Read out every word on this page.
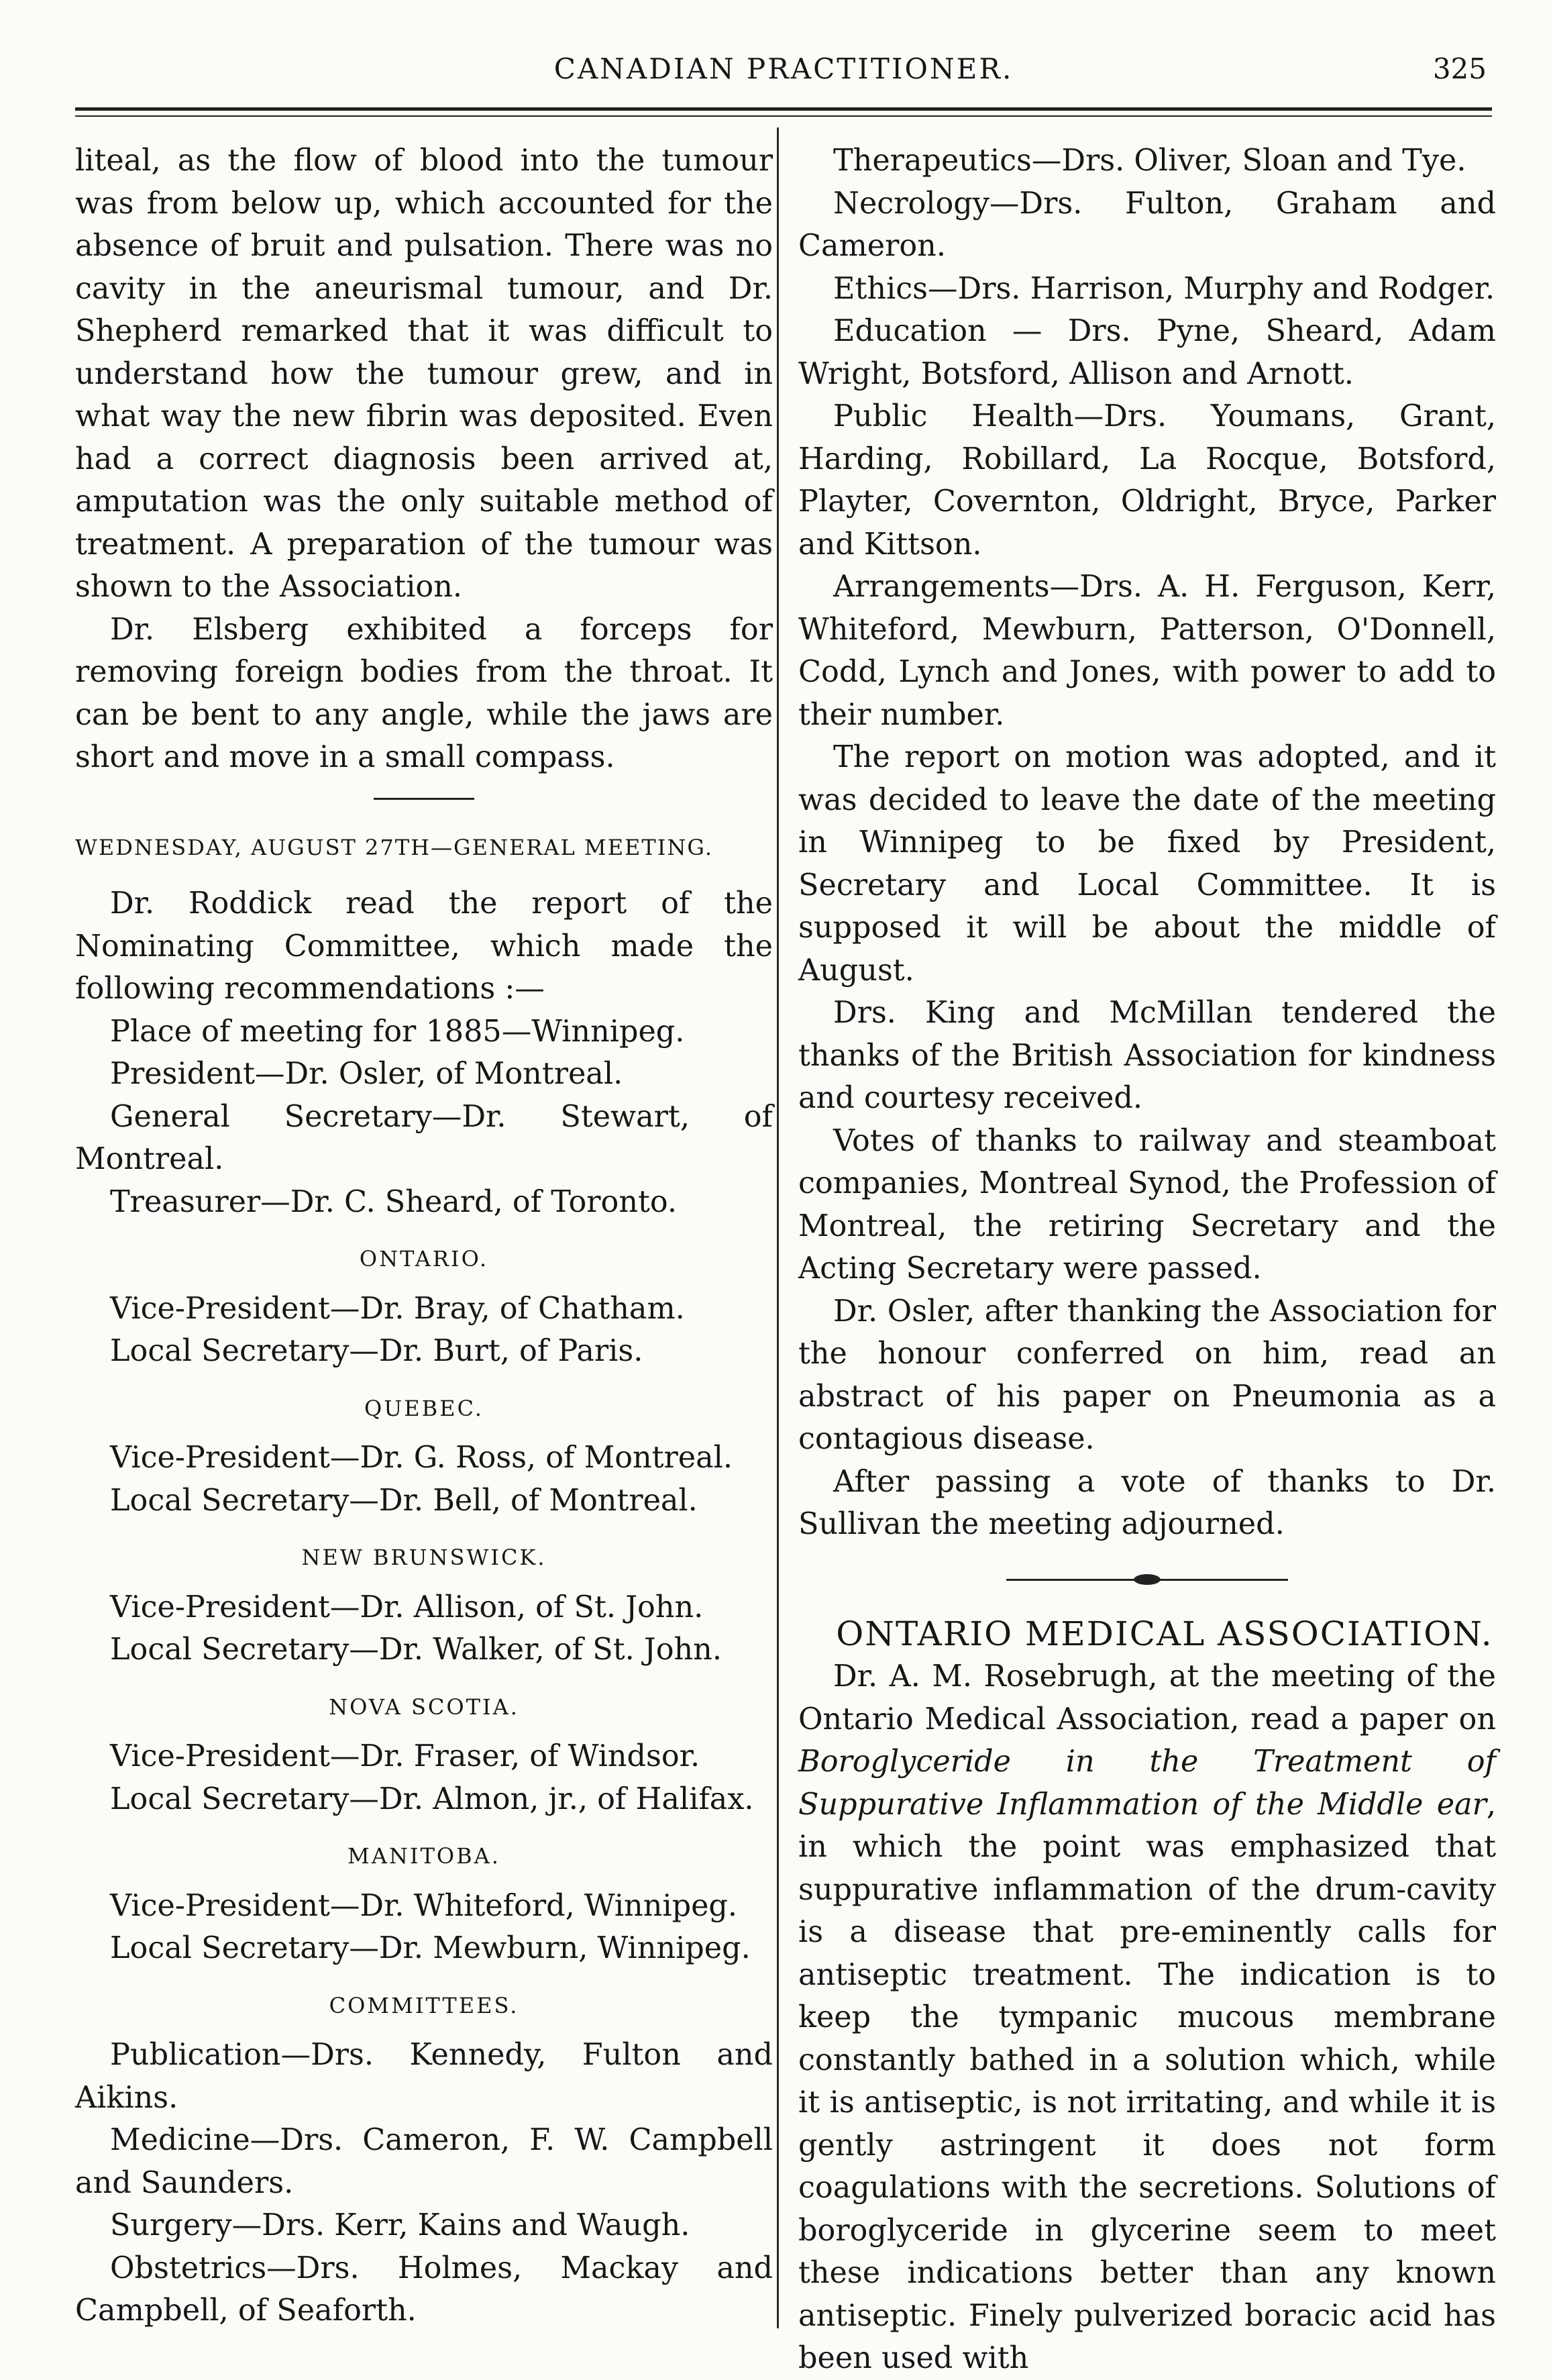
CANADIAN PRACTITIONER.	325

liteal, as the flow of blood into the tumour was from below up, which accounted for the absence of bruit and pulsation. There was no cavity in the aneurismal tumour, and Dr. Shepherd remarked that it was difficult to understand how the tumour grew, and in what way the new fibrin was deposited. Even had a correct diagnosis been arrived at, amputation was the only suitable method of treatment. A preparation of the tumour was shown to the Association.

Dr. Elsberg exhibited a forceps for removing foreign bodies from the throat. It can be bent to any angle, while the jaws are short and move in a small compass.

WEDNESDAY, AUGUST 27TH—GENERAL MEETING.

Dr. Roddick read the report of the Nominating Committee, which made the following recommendations :—

Place of meeting for 1885—Winnipeg.

President—Dr. Osler, of Montreal.

General Secretary—Dr. Stewart, of Montreal.

Treasurer—Dr. C. Sheard, of Toronto.

ONTARIO.

Vice-President—Dr. Bray, of Chatham.

Local Secretary—Dr. Burt, of Paris.

QUEBEC.

Vice-President—Dr. G. Ross, of Montreal.

Local Secretary—Dr. Bell, of Montreal.

NEW BRUNSWICK.

Vice-President—Dr. Allison, of St. John.

Local Secretary—Dr. Walker, of St. John.

NOVA SCOTIA.

Vice-President—Dr. Fraser, of Windsor.

Local Secretary—Dr. Almon, jr., of Halifax.

MANITOBA.

Vice-President—Dr. Whiteford, Winnipeg.

Local Secretary—Dr. Mewburn, Winnipeg.

COMMITTEES.

Publication—Drs. Kennedy, Fulton and Aikins.

Medicine—Drs. Cameron, F. W. Campbell and Saunders.

Surgery—Drs. Kerr, Kains and Waugh.

Obstetrics—Drs. Holmes, Mackay and Campbell, of Seaforth.

Therapeutics—Drs. Oliver, Sloan and Tye.

Necrology—Drs. Fulton, Graham and Cameron.

Ethics—Drs. Harrison, Murphy and Rodger.

Education — Drs. Pyne, Sheard, Adam Wright, Botsford, Allison and Arnott.

Public Health—Drs. Youmans, Grant, Harding, Robillard, La Rocque, Botsford, Playter, Covernton, Oldright, Bryce, Parker and Kittson.

Arrangements—Drs. A. H. Ferguson, Kerr, Whiteford, Mewburn, Patterson, O'Donnell, Codd, Lynch and Jones, with power to add to their number.

The report on motion was adopted, and it was decided to leave the date of the meeting in Winnipeg to be fixed by President, Secretary and Local Committee. It is supposed it will be about the middle of August.

Drs. King and McMillan tendered the thanks of the British Association for kindness and courtesy received.

Votes of thanks to railway and steamboat companies, Montreal Synod, the Profession of Montreal, the retiring Secretary and the Acting Secretary were passed.

Dr. Osler, after thanking the Association for the honour conferred on him, read an abstract of his paper on Pneumonia as a contagious disease.

After passing a vote of thanks to Dr. Sullivan the meeting adjourned.

ONTARIO MEDICAL ASSOCIATION.

Dr. A. M. Rosebrugh, at the meeting of the Ontario Medical Association, read a paper on Boroglyceride in the Treatment of Suppurative Inflammation of the Middle ear, in which the point was emphasized that suppurative inflammation of the drum-cavity is a disease that pre-eminently calls for antiseptic treatment. The indication is to keep the tympanic mucous membrane constantly bathed in a solution which, while it is antiseptic, is not irritating, and while it is gently astringent it does not form coagulations with the secretions. Solutions of boroglyceride in glycerine seem to meet these indications better than any known antiseptic. Finely pulverized boracic acid has been used with
